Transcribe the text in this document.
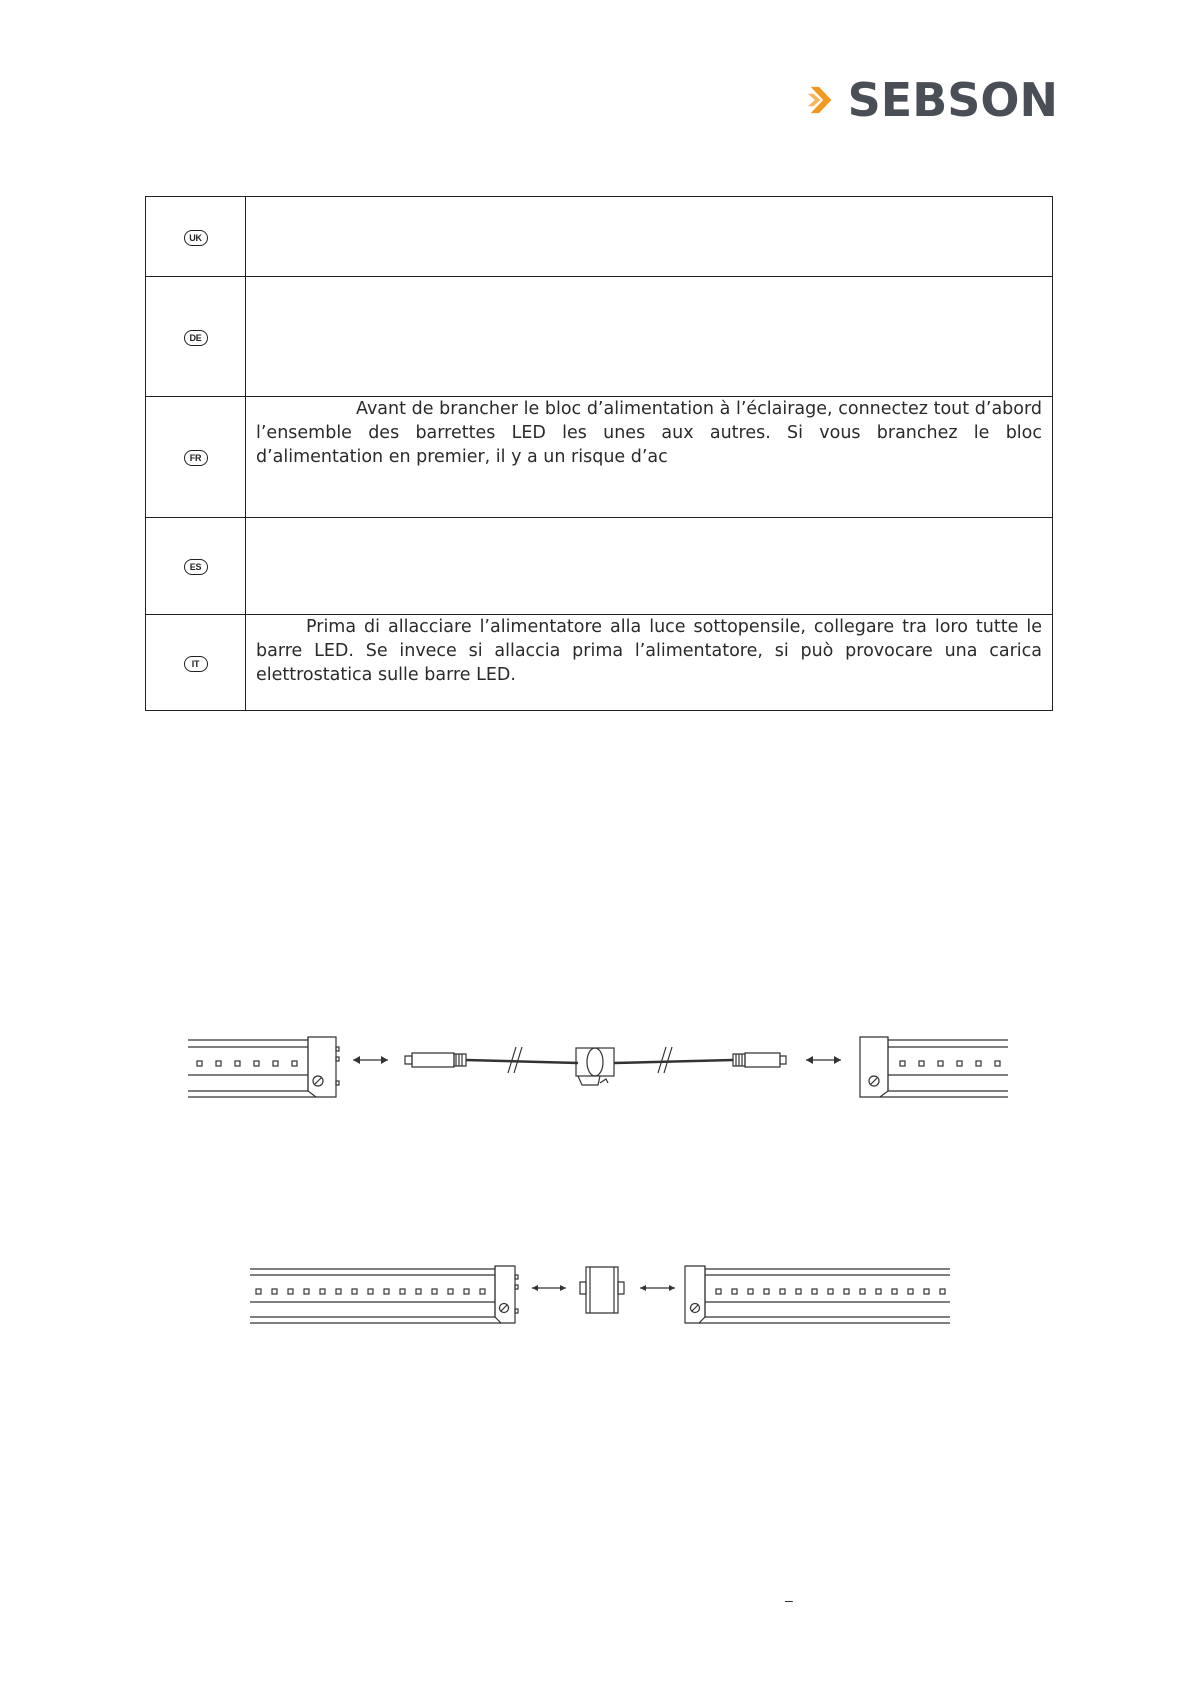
SEBSON
UK	
DE	
FR	Avant de brancher le bloc d’alimentation à l’éclairage, connectez tout d’abord l’ensemble des barrettes LED les unes aux autres. Si vous branchez le bloc d’alimentation en premier, il y a un risque d’ac

ES	
IT	Prima di allacciare l’alimentatore alla luce sottopensile, collegare tra loro tutte le barre LED. Se invece si allaccia prima l’alimentatore, si può provocare una carica elettrostatica sulle barre LED.
–
